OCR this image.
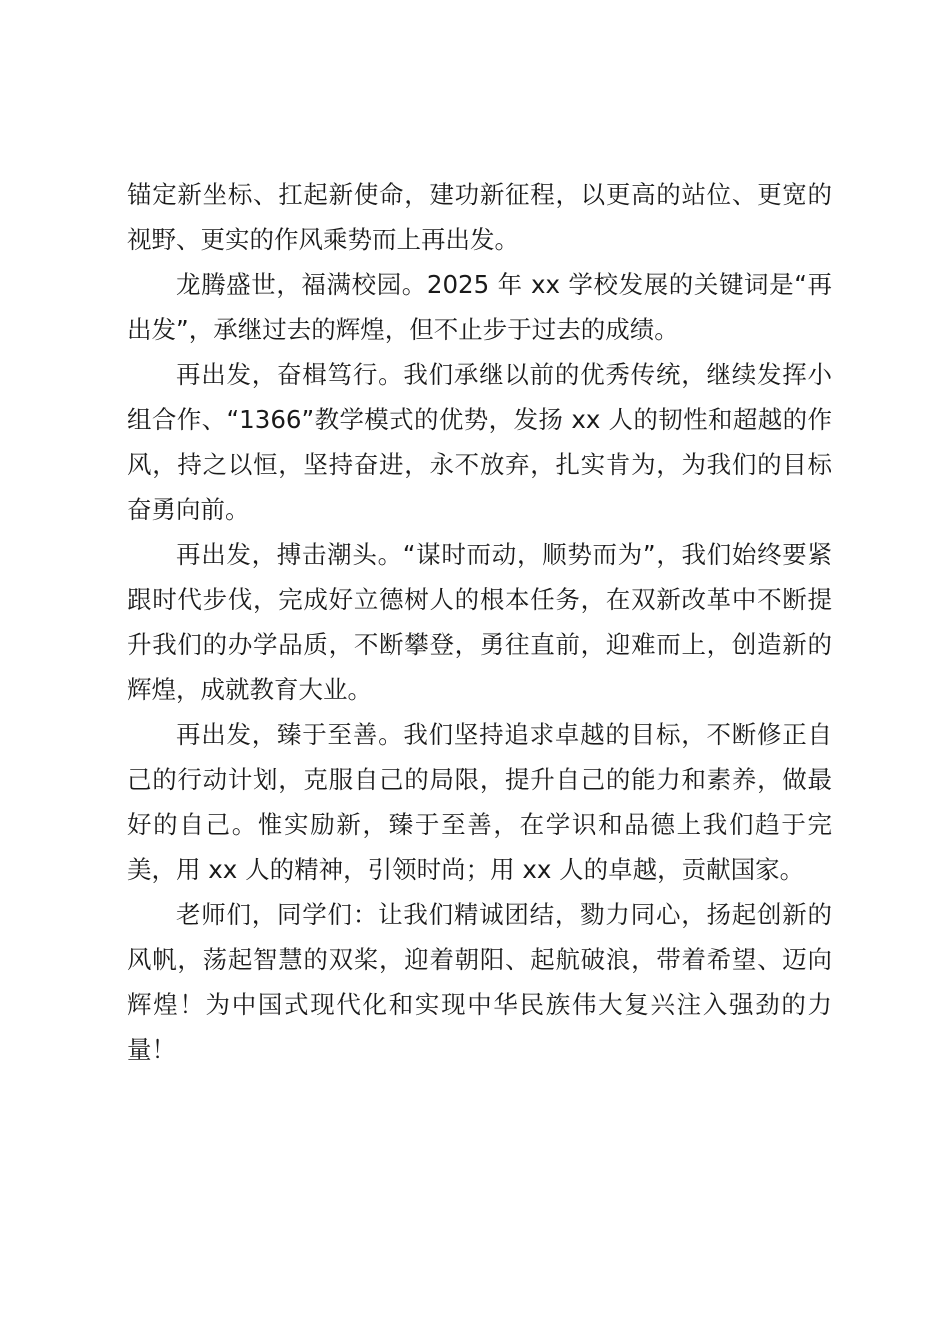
锚定新坐标、扛起新使命，建功新征程，以更高的站位、更宽的视野、更实的作风乘势而上再出发。

龙腾盛世，福满校园。2025 年 xx 学校发展的关键词是“再出发”，承继过去的辉煌，但不止步于过去的成绩。

再出发，奋楫笃行。我们承继以前的优秀传统，继续发挥小组合作、“1366”教学模式的优势，发扬 xx 人的韧性和超越的作风，持之以恒，坚持奋进，永不放弃，扎实肯为，为我们的目标奋勇向前。

再出发，搏击潮头。“谋时而动，顺势而为”，我们始终要紧跟时代步伐，完成好立德树人的根本任务，在双新改革中不断提升我们的办学品质，不断攀登，勇往直前，迎难而上，创造新的辉煌，成就教育大业。

再出发，臻于至善。我们坚持追求卓越的目标，不断修正自己的行动计划，克服自己的局限，提升自己的能力和素养，做最好的自己。惟实励新，臻于至善，在学识和品德上我们趋于完美，用 xx 人的精神，引领时尚；用 xx 人的卓越，贡献国家。

老师们，同学们：让我们精诚团结，勠力同心，扬起创新的风帆，荡起智慧的双桨，迎着朝阳、起航破浪，带着希望、迈向辉煌！为中国式现代化和实现中华民族伟大复兴注入强劲的力量！
